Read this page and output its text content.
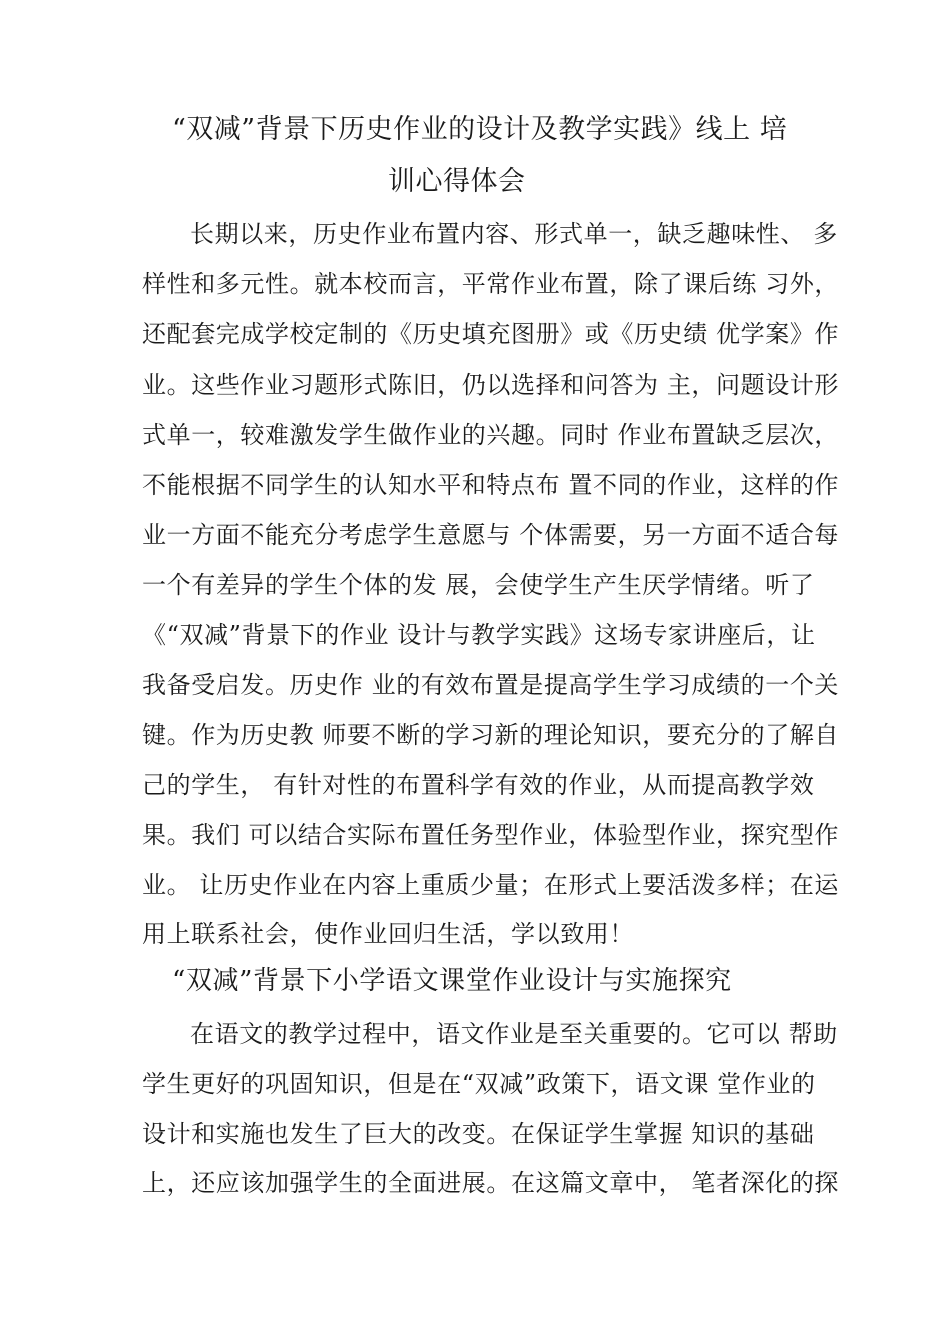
“双减”背景下历史作业的设计及教学实践》线上 培
训心得体会
长期以来，历史作业布置内容、形式单一，缺乏趣味性、 多
样性和多元性。就本校而言，平常作业布置，除了课后练 习外，
还配套完成学校定制的《历史填充图册》或《历史绩 优学案》作
业。这些作业习题形式陈旧，仍以选择和问答为 主，问题设计形
式单一，较难激发学生做作业的兴趣。同时 作业布置缺乏层次，
不能根据不同学生的认知水平和特点布 置不同的作业，这样的作
业一方面不能充分考虑学生意愿与 个体需要，另一方面不适合每
一个有差异的学生个体的发 展，会使学生产生厌学情绪。听了
《“双减”背景下的作业 设计与教学实践》这场专家讲座后，让
我备受启发。历史作 业的有效布置是提高学生学习成绩的一个关
键。作为历史教 师要不断的学习新的理论知识，要充分的了解自
己的学生， 有针对性的布置科学有效的作业，从而提高教学效
果。我们 可以结合实际布置任务型作业，体验型作业，探究型作
业。 让历史作业在内容上重质少量；在形式上要活泼多样；在运
用上联系社会，使作业回归生活，学以致用！
“双减”背景下小学语文课堂作业设计与实施探究
在语文的教学过程中，语文作业是至关重要的。它可以 帮助
学生更好的巩固知识，但是在“双减”政策下，语文课 堂作业的
设计和实施也发生了巨大的改变。在保证学生掌握 知识的基础
上，还应该加强学生的全面进展。在这篇文章中， 笔者深化的探
